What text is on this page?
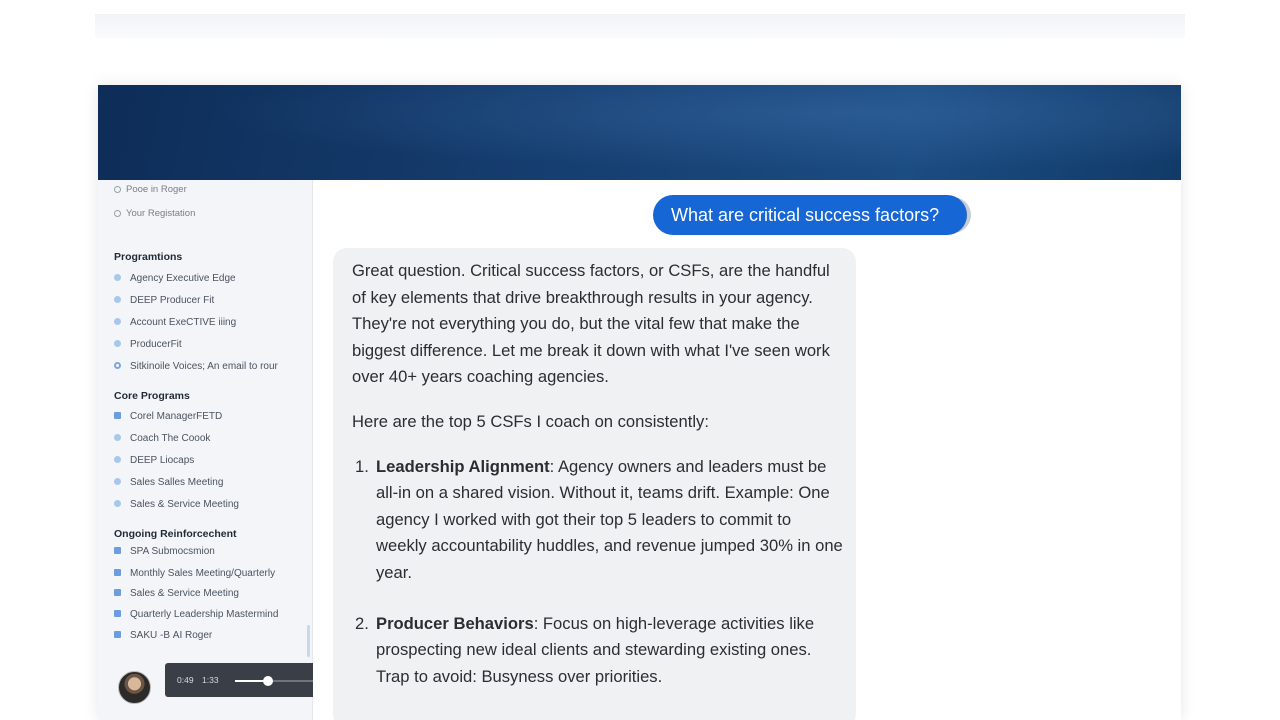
Pooe in Roger
Your Registation
Programtions
Agency Executive Edge
DEEP Producer Fit
Account ExeCTIVE iiing
ProducerFit
Sitkinoile Voices; An email to rour
Core Programs
Corel ManagerFETD
Coach The Coook
DEEP Liocaps
Sales Salles Meeting
Sales & Service Meeting
Ongoing Reinforcechent
SPA Submocsmion
Monthly Sales Meeting/Quarterly
Sales & Service Meeting
Quarterly Leadership Mastermind
SAKU -В AI Roger
0:49 1:33
What are critical success factors?

Great question. Critical success factors, or CSFs, are the handful of key elements that drive breakthrough results in your agency. They're not everything you do, but the vital few that make the biggest difference. Let me break it down with what I've seen work over 40+ years coaching agencies.

Here are the top 5 CSFs I coach on consistently:

1. Leadership Alignment: Agency owners and leaders must be all-in on a shared vision. Without it, teams drift. Example: One agency I worked with got their top 5 leaders to commit to weekly accountability huddles, and revenue jumped 30% in one year.
2. Producer Behaviors: Focus on high-leverage activities like prospecting new ideal clients and stewarding existing ones. Trap to avoid: Busyness over priorities.
